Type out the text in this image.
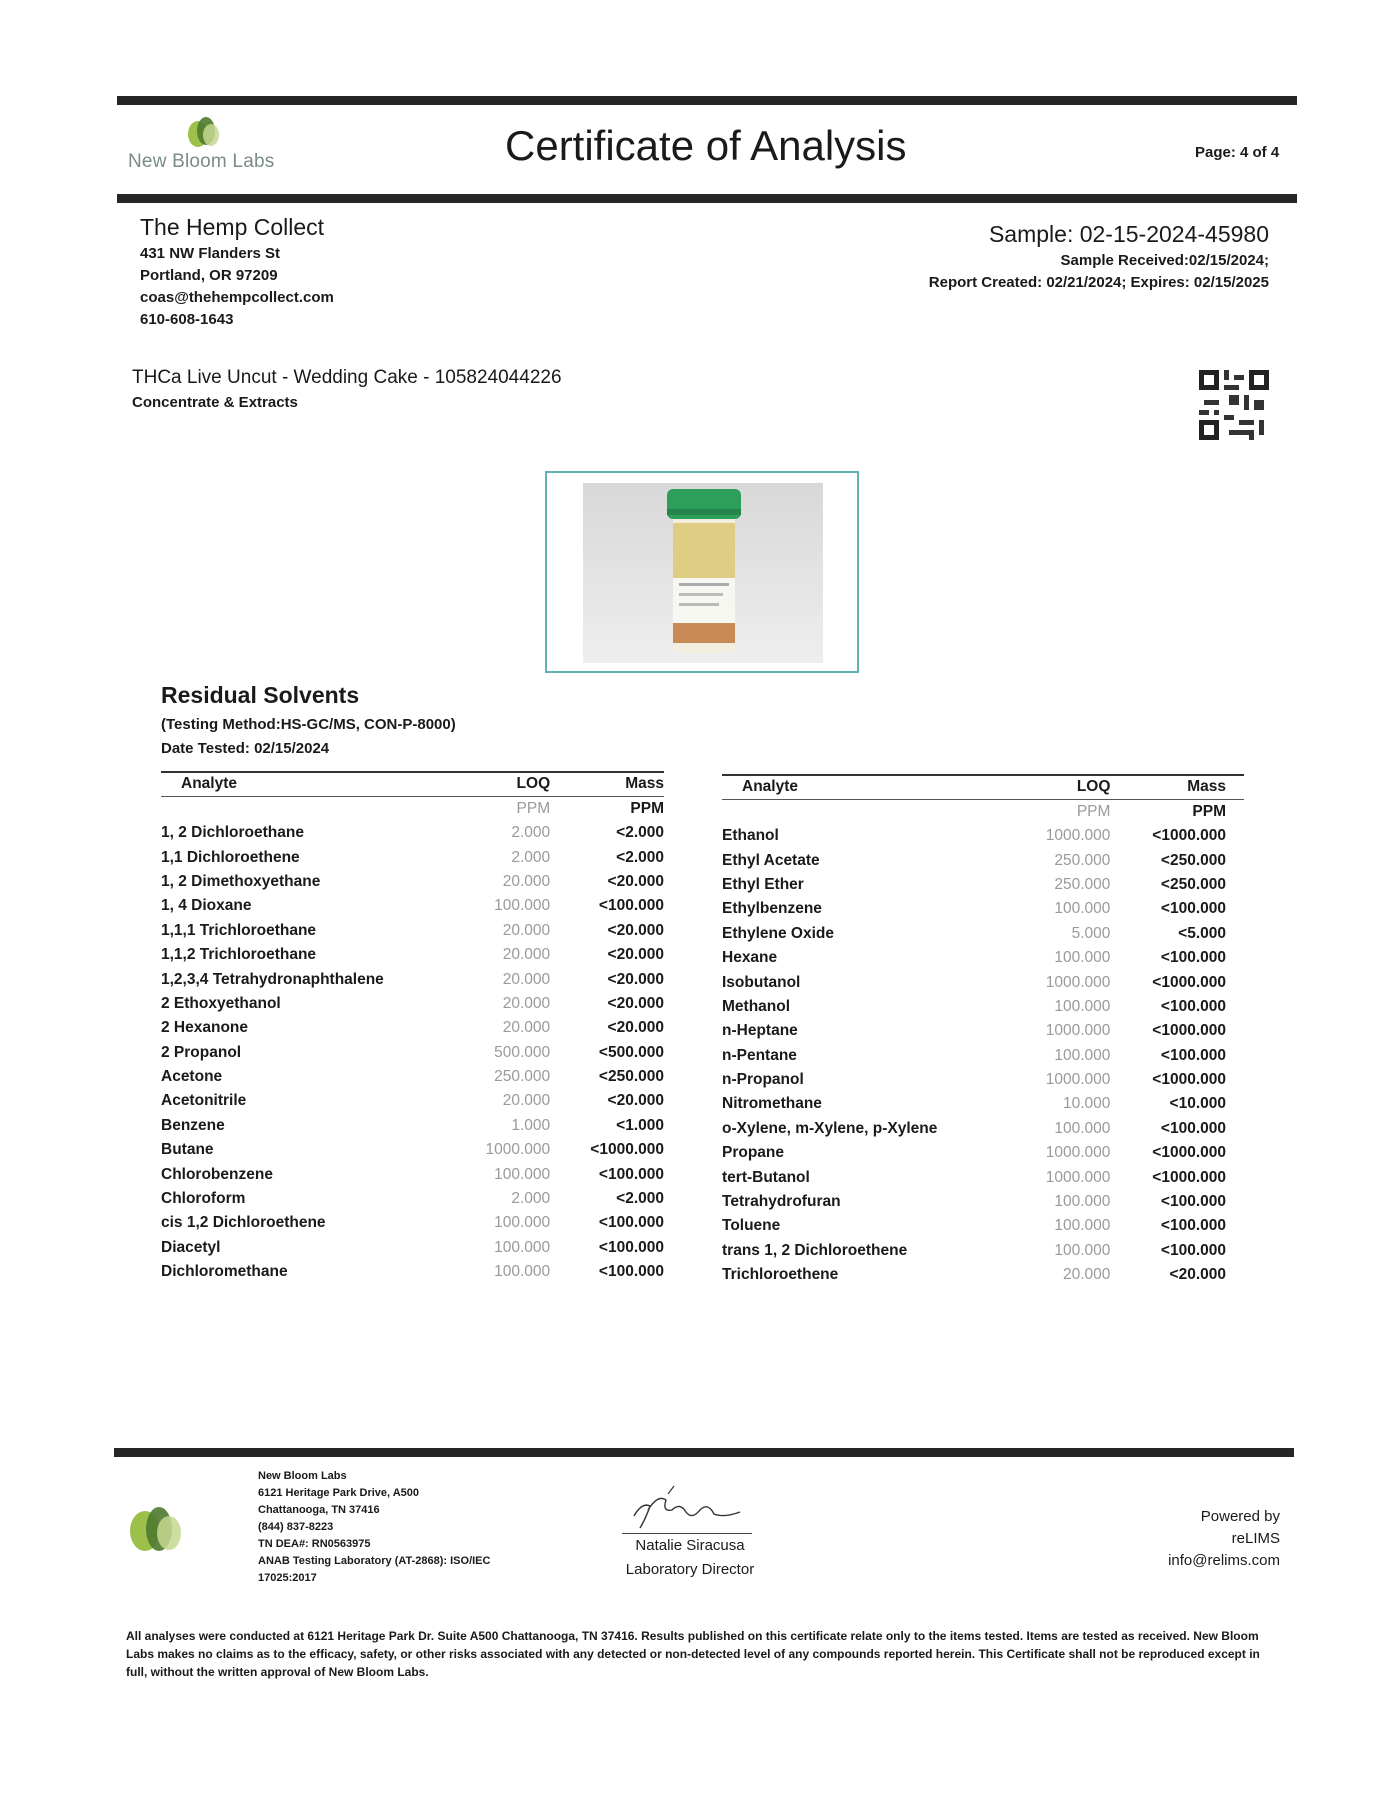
New Bloom Labs	Certificate of Analysis	Page: 4 of 4
The Hemp Collect
431 NW Flanders St
Portland, OR 97209
coas@thehempcollect.com
610-608-1643
Sample: 02-15-2024-45980
Sample Received:02/15/2024;
Report Created: 02/21/2024; Expires: 02/15/2025
THCa Live Uncut - Wedding Cake - 105824044226
Concentrate & Extracts
Residual Solvents
(Testing Method:HS-GC/MS, CON-P-8000)
Date Tested: 02/15/2024
Analyte	LOQ	Mass
	PPM	PPM
1, 2 Dichloroethane	2.000	<2.000
1,1 Dichloroethene	2.000	<2.000
1, 2 Dimethoxyethane	20.000	<20.000
1, 4 Dioxane	100.000	<100.000
1,1,1 Trichloroethane	20.000	<20.000
1,1,2 Trichloroethane	20.000	<20.000
1,2,3,4 Tetrahydronaphthalene	20.000	<20.000
2 Ethoxyethanol	20.000	<20.000
2 Hexanone	20.000	<20.000
2 Propanol	500.000	<500.000
Acetone	250.000	<250.000
Acetonitrile	20.000	<20.000
Benzene	1.000	<1.000
Butane	1000.000	<1000.000
Chlorobenzene	100.000	<100.000
Chloroform	2.000	<2.000
cis 1,2 Dichloroethene	100.000	<100.000
Diacetyl	100.000	<100.000
Dichloromethane	100.000	<100.000
Analyte	LOQ	Mass
	PPM	PPM
Ethanol	1000.000	<1000.000
Ethyl Acetate	250.000	<250.000
Ethyl Ether	250.000	<250.000
Ethylbenzene	100.000	<100.000
Ethylene Oxide	5.000	<5.000
Hexane	100.000	<100.000
Isobutanol	1000.000	<1000.000
Methanol	100.000	<100.000
n-Heptane	1000.000	<1000.000
n-Pentane	100.000	<100.000
n-Propanol	1000.000	<1000.000
Nitromethane	10.000	<10.000
o-Xylene, m-Xylene, p-Xylene	100.000	<100.000
Propane	1000.000	<1000.000
tert-Butanol	1000.000	<1000.000
Tetrahydrofuran	100.000	<100.000
Toluene	100.000	<100.000
trans 1, 2 Dichloroethene	100.000	<100.000
Trichloroethene	20.000	<20.000
New Bloom Labs
6121 Heritage Park Drive, A500
Chattanooga, TN 37416
(844) 837-8223
TN DEA#: RN0563975
ANAB Testing Laboratory (AT-2868): ISO/IEC
17025:2017
Natalie Siracusa
Laboratory Director
Powered by
reLIMS
info@relims.com
All analyses were conducted at 6121 Heritage Park Dr. Suite A500 Chattanooga, TN 37416. Results published on this certificate relate only to the items tested. Items are tested as received. New Bloom Labs makes no claims as to the efficacy, safety, or other risks associated with any detected or non-detected level of any compounds reported herein. This Certificate shall not be reproduced except in full, without the written approval of New Bloom Labs.
